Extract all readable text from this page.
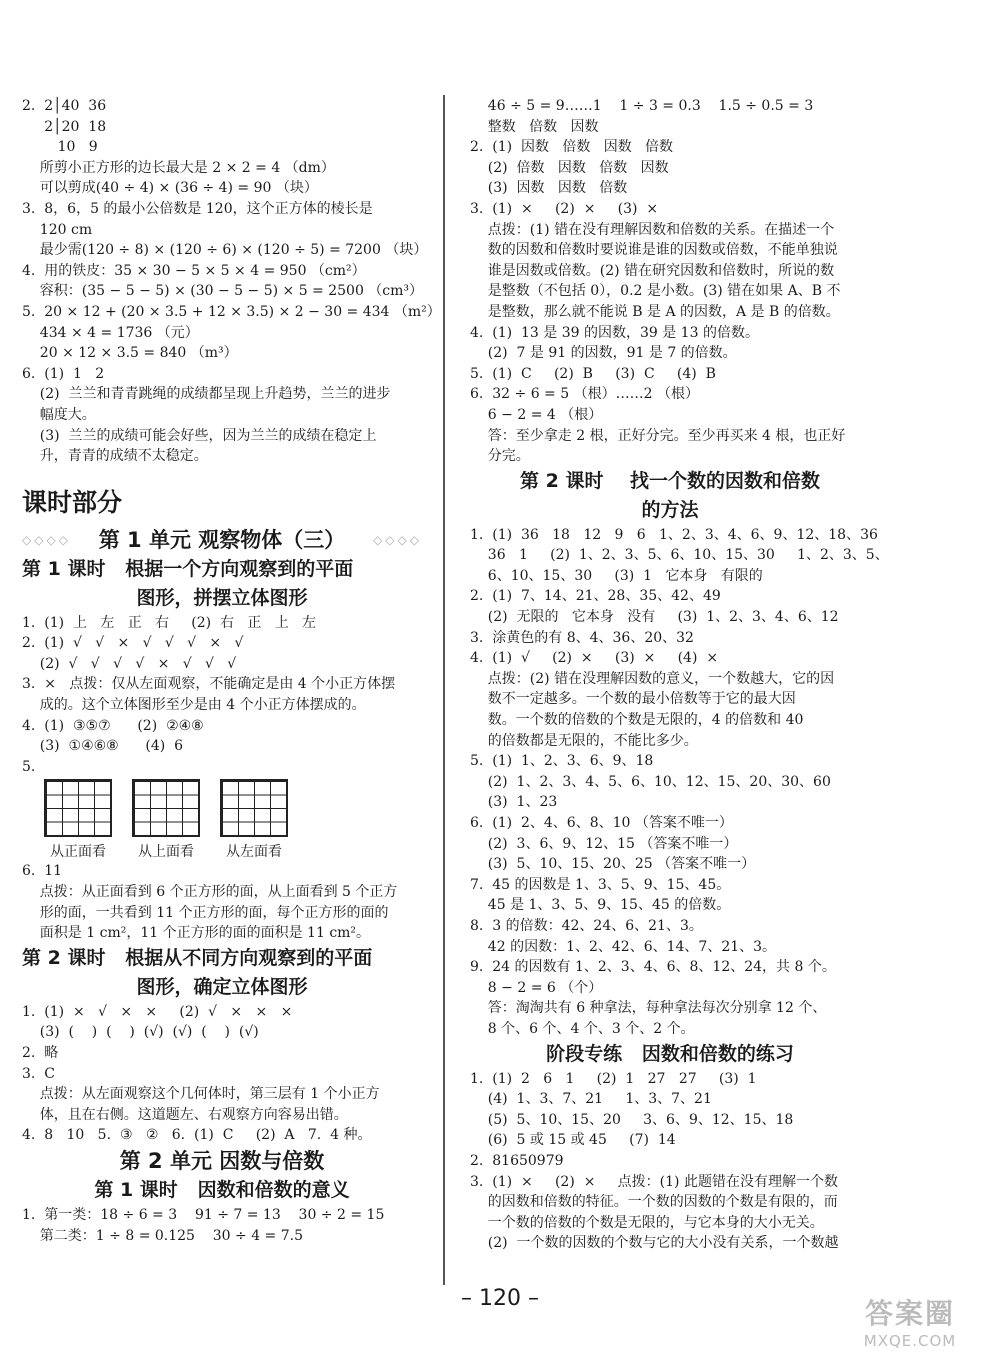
2.  2│40  36
2│20  18
10   9
所剪小正方形的边长最大是 2 × 2 = 4 （dm）
可以剪成(40 ÷ 4) × (36 ÷ 4) = 90 （块）
3.  8，6，5 的最小公倍数是 120，这个正方体的棱长是
120 cm
最少需(120 ÷ 8) × (120 ÷ 6) × (120 ÷ 5) = 7200 （块）
4.  用的铁皮：35 × 30 − 5 × 5 × 4 = 950 （cm²）
容积：(35 − 5 − 5) × (30 − 5 − 5) × 5 = 2500 （cm³）
5.  20 × 12 + (20 × 3.5 + 12 × 3.5) × 2 − 30 = 434 （m²）
434 × 4 = 1736 （元）
20 × 12 × 3.5 = 840 （m³）
6.  (1)  1   2
(2)  兰兰和青青跳绳的成绩都呈现上升趋势，兰兰的进步
幅度大。
(3)  兰兰的成绩可能会好些，因为兰兰的成绩在稳定上
升，青青的成绩不太稳定。
课时部分
◇◇◇◇ 第 1 单元 观察物体（三） ◇◇◇◇
第 1 课时   根据一个方向观察到的平面
图形，拼摆立体图形
1.  (1)  上   左   正   右     (2)  右   正   上   左
2.  (1)  √   √   ×   √   √   √   ×   √
(2)  √   √   √   √   ×   √   √   √
3.  ×   点拨：仅从左面观察，不能确定是由 4 个小正方体摆
成的。这个立体图形至少是由 4 个小正方体摆成的。
4.  (1)  ③⑤⑦      (2)  ②④⑧
(3)  ①④⑥⑧      (4)  6
5.
从正面看	从上面看	从左面看
6.  11
点拨：从正面看到 6 个正方形的面，从上面看到 5 个正方
形的面，一共看到 11 个正方形的面，每个正方形的面的
面积是 1 cm²，11 个正方形的面的面积是 11 cm²。
第 2 课时   根据从不同方向观察到的平面
图形，确定立体图形
1.  (1)  ×   √   ×   ×     (2)  √   ×   ×   ×
(3)  (    )  (    )  (√)  (√)  (    )  (√)
2.  略
3.  C
点拨：从左面观察这个几何体时，第三层有 1 个小正方
体，且在右侧。这道题左、右观察方向容易出错。
4.  8   10   5.  ③   ②   6.  (1)  C     (2)  A   7.  4 种。
第 2 单元 因数与倍数
第 1 课时   因数和倍数的意义
1.  第一类：18 ÷ 6 = 3    91 ÷ 7 = 13    30 ÷ 2 = 15
第二类：1 ÷ 8 = 0.125    30 ÷ 4 = 7.5
46 ÷ 5 = 9……1    1 ÷ 3 = 0.3    1.5 ÷ 0.5 = 3
整数   倍数   因数
2.  (1)  因数   倍数   因数   倍数
(2)  倍数   因数   倍数   因数
(3)  因数   因数   倍数
3.  (1)  ×     (2)  ×     (3)  ×
点拨：(1) 错在没有理解因数和倍数的关系。在描述一个
数的因数和倍数时要说谁是谁的因数或倍数，不能单独说
谁是因数或倍数。(2) 错在研究因数和倍数时，所说的数
是整数（不包括 0），0.2 是小数。(3) 错在如果 A、B 不
是整数，那么就不能说 B 是 A 的因数，A 是 B 的倍数。
4.  (1)  13 是 39 的因数，39 是 13 的倍数。
(2)  7 是 91 的因数，91 是 7 的倍数。
5.  (1)  C     (2)  B     (3)  C     (4)  B
6.  32 ÷ 6 = 5 （根）……2 （根）
6 − 2 = 4 （根）
答：至少拿走 2 根，正好分完。至少再买来 4 根，也正好
分完。
第 2 课时    找一个数的因数和倍数
的方法
1.  (1)  36   18   12   9   6   1、2、3、4、6、9、12、18、36
36   1     (2)  1、2、3、5、6、10、15、30     1、2、3、5、
6、10、15、30     (3)  1   它本身   有限的
2.  (1)  7、14、21、28、35、42、49
(2)  无限的   它本身   没有     (3)  1、2、3、4、6、12
3.  涂黄色的有 8、4、36、20、32
4.  (1)  √     (2)  ×     (3)  ×     (4)  ×
点拨：(2) 错在没理解因数的意义，一个数越大，它的因
数不一定越多。一个数的最小倍数等于它的最大因
数。一个数的倍数的个数是无限的，4 的倍数和 40
的倍数都是无限的，不能比多少。
5.  (1)  1、2、3、6、9、18
(2)  1、2、3、4、5、6、10、12、15、20、30、60
(3)  1、23
6.  (1)  2、4、6、8、10 （答案不唯一）
(2)  3、6、9、12、15 （答案不唯一）
(3)  5、10、15、20、25 （答案不唯一）
7.  45 的因数是 1、3、5、9、15、45。
45 是 1、3、5、9、15、45 的倍数。
8.  3 的倍数：42、24、6、21、3。
42 的因数：1、2、42、6、14、7、21、3。
9.  24 的因数有 1、2、3、4、6、8、12、24，共 8 个。
8 − 2 = 6 （个）
答：淘淘共有 6 种拿法，每种拿法每次分别拿 12 个、
8 个、6 个、4 个、3 个、2 个。
阶段专练   因数和倍数的练习
1.  (1)  2   6   1     (2)  1   27   27     (3)  1
(4)  1、3、7、21     1、3、7、21
(5)  5、10、15、20     3、6、9、12、15、18
(6)  5 或 15 或 45     (7)  14
2.  81650979
3.  (1)  ×     (2)  ×     点拨：(1) 此题错在没有理解一个数
的因数和倍数的特征。一个数的因数的个数是有限的，而
一个数的倍数的个数是无限的，与它本身的大小无关。
(2)  一个数的因数的个数与它的大小没有关系，一个数越
– 120 –	答案圈
MXQE.COM
